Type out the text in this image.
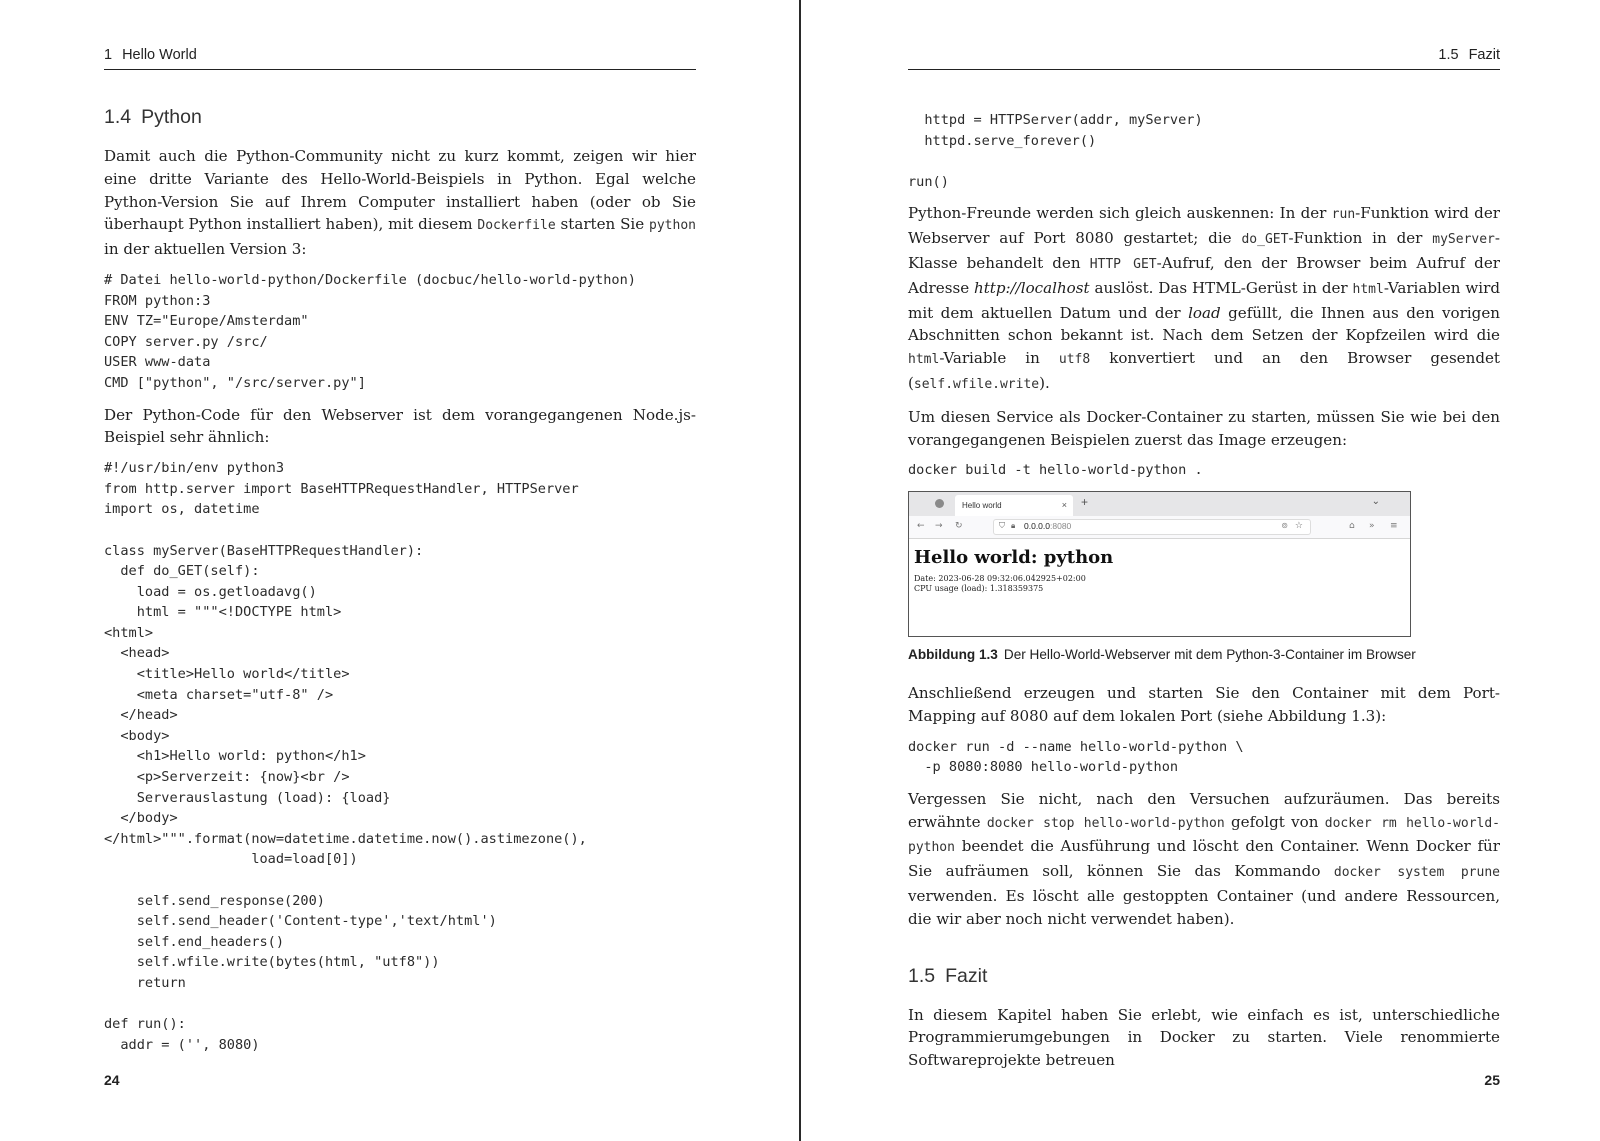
1 Hello World
1.4 Python

Damit auch die Python-Community nicht zu kurz kommt, zeigen wir hier eine dritte Variante des Hello-World-Beispiels in Python. Egal welche Python-Version Sie auf Ihrem Computer installiert haben (oder ob Sie überhaupt Python installiert haben), mit diesem Dockerfile starten Sie python in der aktuellen Version 3:

# Datei hello-world-python/Dockerfile (docbuc/hello-world-python)
FROM python:3
ENV TZ="Europe/Amsterdam"
COPY server.py /src/
USER www-data
CMD ["python", "/src/server.py"]

Der Python-Code für den Webserver ist dem vorangegangenen Node.js-Beispiel sehr ähnlich:

#!/usr/bin/env python3
from http.server import BaseHTTPRequestHandler, HTTPServer
import os, datetime

class myServer(BaseHTTPRequestHandler):
def do_GET(self):
load = os.getloadavg()
html = """<!DOCTYPE html>
<html>
<head>
<title>Hello world</title>
<meta charset="utf-8" />
</head>
<body>
<h1>Hello world: python</h1>
<p>Serverzeit: {now}<br />
Serverauslastung (load): {load}
</body>
</html>""".format(now=datetime.datetime.now().astimezone(),
load=load[0])

self.send_response(200)
self.send_header('Content-type','text/html')
self.end_headers()
self.wfile.write(bytes(html, "utf8"))
return

def run():
addr = ('', 8080)
24
1.5 Fazit
httpd = HTTPServer(addr, myServer)
httpd.serve_forever()

run()

Python-Freunde werden sich gleich auskennen: In der run-Funktion wird der Webserver auf Port 8080 gestartet; die do_GET-Funktion in der myServer-Klasse behandelt den HTTP GET-Aufruf, den der Browser beim Aufruf der Adresse http://localhost auslöst. Das HTML-Gerüst in der html-Variablen wird mit dem aktuellen Datum und der load gefüllt, die Ihnen aus den vorigen Abschnitten schon bekannt ist. Nach dem Setzen der Kopfzeilen wird die html-Variable in utf8 konvertiert und an den Browser gesendet (self.wfile.write).

Um diesen Service als Docker-Container zu starten, müssen Sie wie bei den vorangegangenen Beispielen zuerst das Image erzeugen:

docker build -t hello-world-python .
Hello world	× +	⌄
← → ↻	⛉ 🔒︎ 0.0.0.0:8080	⊚ ☆	⌂ » ≡
Hello world: python
Date: 2023-06-28 09:32:06.042925+02:00
CPU usage (load): 1.318359375
Abbildung 1.3 Der Hello-World-Webserver mit dem Python-3-Container im Browser

Anschließend erzeugen und starten Sie den Container mit dem Port-Mapping auf 8080 auf dem lokalen Port (siehe Abbildung 1.3):

docker run -d --name hello-world-python \
-p 8080:8080 hello-world-python

Vergessen Sie nicht, nach den Versuchen aufzuräumen. Das bereits erwähnte docker stop hello-world-python gefolgt von docker rm hello-world-python beendet die Ausführung und löscht den Container. Wenn Docker für Sie aufräumen soll, können Sie das Kommando docker system prune verwenden. Es löscht alle gestoppten Container (und andere Ressourcen, die wir aber noch nicht verwendet haben).

1.5 Fazit

In diesem Kapitel haben Sie erlebt, wie einfach es ist, unterschiedliche Programmierumgebungen in Docker zu starten. Viele renommierte Softwareprojekte betreuen

25
